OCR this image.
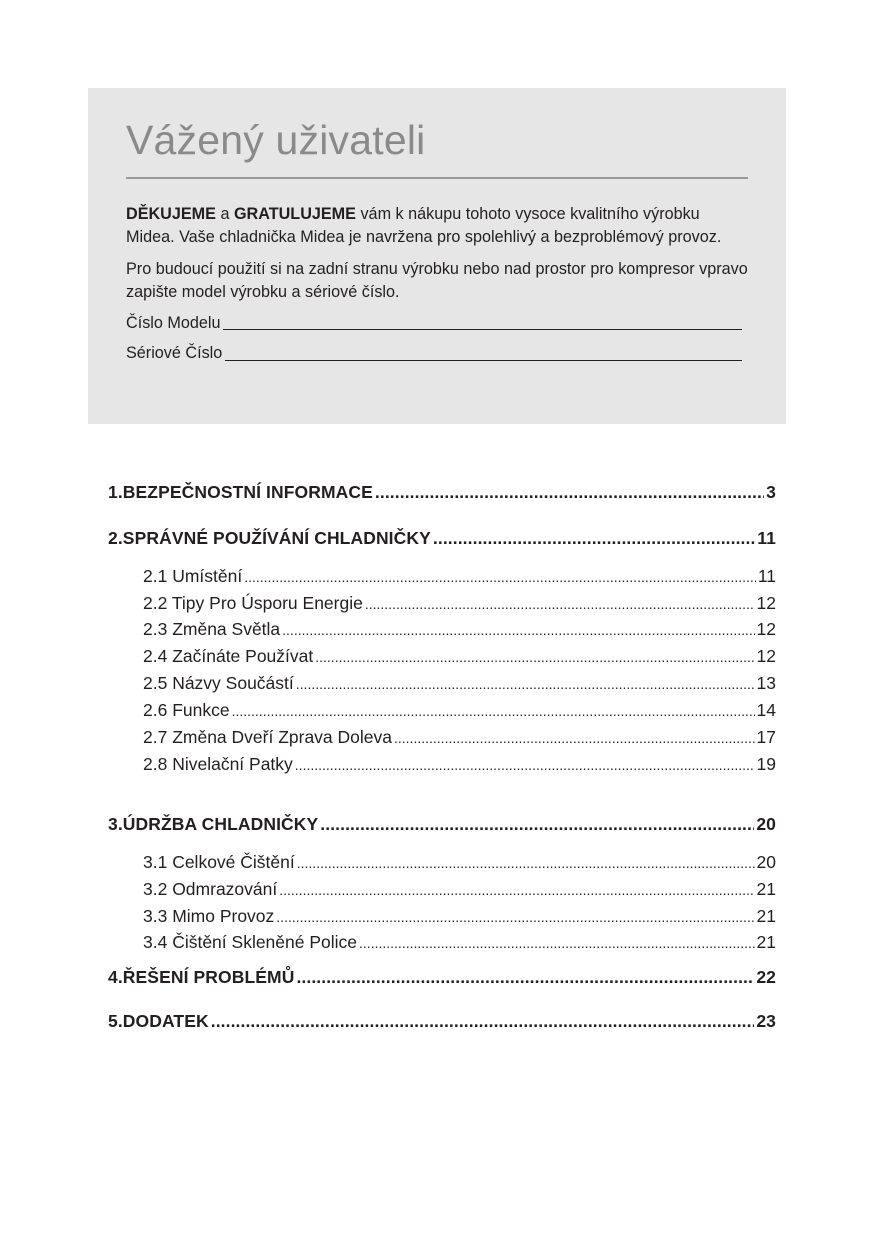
Vážený uživateli

DĚKUJEME a GRATULUJEME vám k nákupu tohoto vysoce kvalitního výrobku Midea. Vaše chladnička Midea je navržena pro spolehlivý a bezproblémový provoz.

Pro budoucí použití si na zadní stranu výrobku nebo nad prostor pro kompresor vpravo zapište model výrobku a sériové číslo.

Číslo Modelu
Sériové Číslo
1.BEZPEČNOSTNÍ INFORMACE .....	3
2.SPRÁVNÉ POUŽÍVÁNÍ CHLADNIČKY .....	11
2.1 Umístění .....	11
2.2 Tipy Pro Úsporu Energie .....	12
2.3 Změna Světla .....	12
2.4 Začínáte Používat .....	12
2.5 Názvy Součástí .....	13
2.6 Funkce .....	14
2.7 Změna Dveří Zprava Doleva .....	17
2.8 Nivelační Patky .....	19
3.ÚDRŽBA CHLADNIČKY .....	20
3.1 Celkové Čištění .....	20
3.2 Odmrazování .....	21
3.3 Mimo Provoz .....	21
3.4 Čištění Skleněné Police .....	21
4.ŘEŠENÍ PROBLÉMŮ .....	22
5.DODATEK .....	23
